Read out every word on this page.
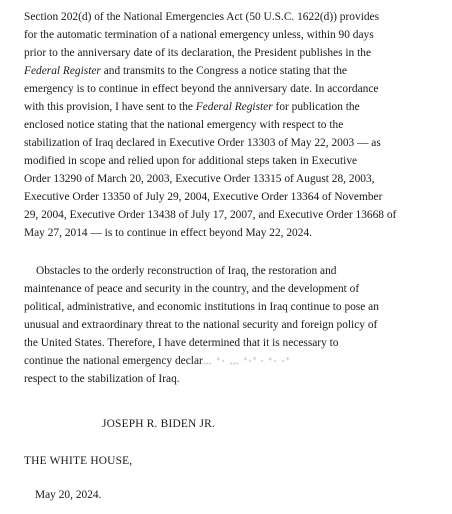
Section 202(d) of the National Emergencies Act (50 U.S.C. 1622(d)) provides
for the automatic termination of a national emergency unless, within 90 days
prior to the anniversary date of its declaration, the President publishes in the
Federal Register and transmits to the Congress a notice stating that the
emergency is to continue in effect beyond the anniversary date. In accordance
with this provision, I have sent to the Federal Register for publication the
enclosed notice stating that the national emergency with respect to the
stabilization of Iraq declared in Executive Order 13303 of May 22, 2003 — as
modified in scope and relied upon for additional steps taken in Executive
Order 13290 of March 20, 2003, Executive Order 13315 of August 28, 2003,
Executive Order 13350 of July 29, 2004, Executive Order 13364 of November
29, 2004, Executive Order 13438 of July 17, 2007, and Executive Order 13668 of
May 27, 2014 — is to continue in effect beyond May 22, 2024.
Obstacles to the orderly reconstruction of Iraq, the restoration and
maintenance of peace and security in the country, and the development of
political, administrative, and economic institutions in Iraq continue to pose an
unusual and extraordinary threat to the national security and foreign policy of
the United States. Therefore, I have determined that it is necessary to
continue the national emergency declar… ‘· … ‘·’ · ‘· ·’
respect to the stabilization of Iraq.
JOSEPH R. BIDEN JR.
THE WHITE HOUSE,
May 20, 2024.
